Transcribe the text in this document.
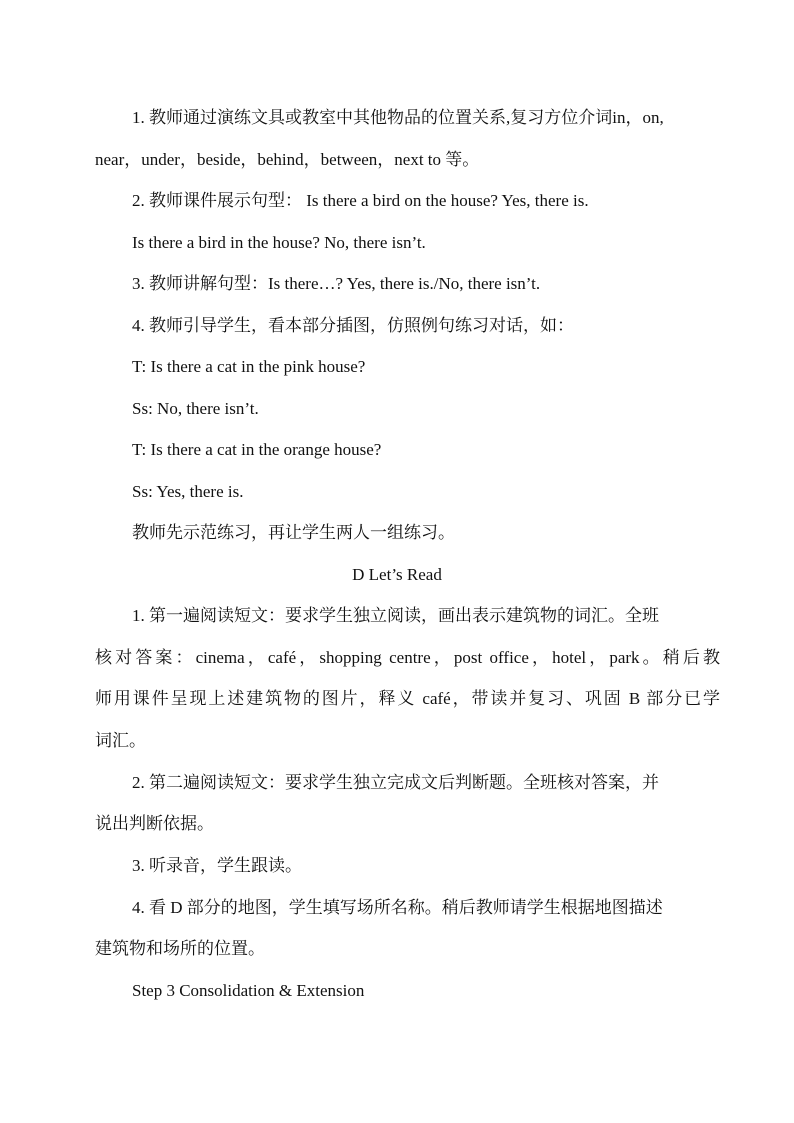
1. 教师通过演练文具或教室中其他物品的位置关系,复习方位介词in，on,
near，under，beside，behind，between，next to 等。
2. 教师课件展示句型： Is there a bird on the house? Yes, there is.
Is there a bird in the house? No, there isn’t.
3. 教师讲解句型：Is there…? Yes, there is./No, there isn’t.
4. 教师引导学生，看本部分插图，仿照例句练习对话，如：
T: Is there a cat in the pink house?
Ss: No, there isn’t.
T: Is there a cat in the orange house?
Ss: Yes, there is.
教师先示范练习，再让学生两人一组练习。
D Let’s Read
1. 第一遍阅读短文：要求学生独立阅读，画出表示建筑物的词汇。全班
核对答案：cinema，café，shopping centre，post office，hotel，park。稍后教
师用课件呈现上述建筑物的图片，释义 café，带读并复习、巩固 B 部分已学
词汇。
2. 第二遍阅读短文：要求学生独立完成文后判断题。全班核对答案，并
说出判断依据。
3. 听录音，学生跟读。
4. 看 D 部分的地图，学生填写场所名称。稍后教师请学生根据地图描述
建筑物和场所的位置。
Step 3 Consolidation & Extension
